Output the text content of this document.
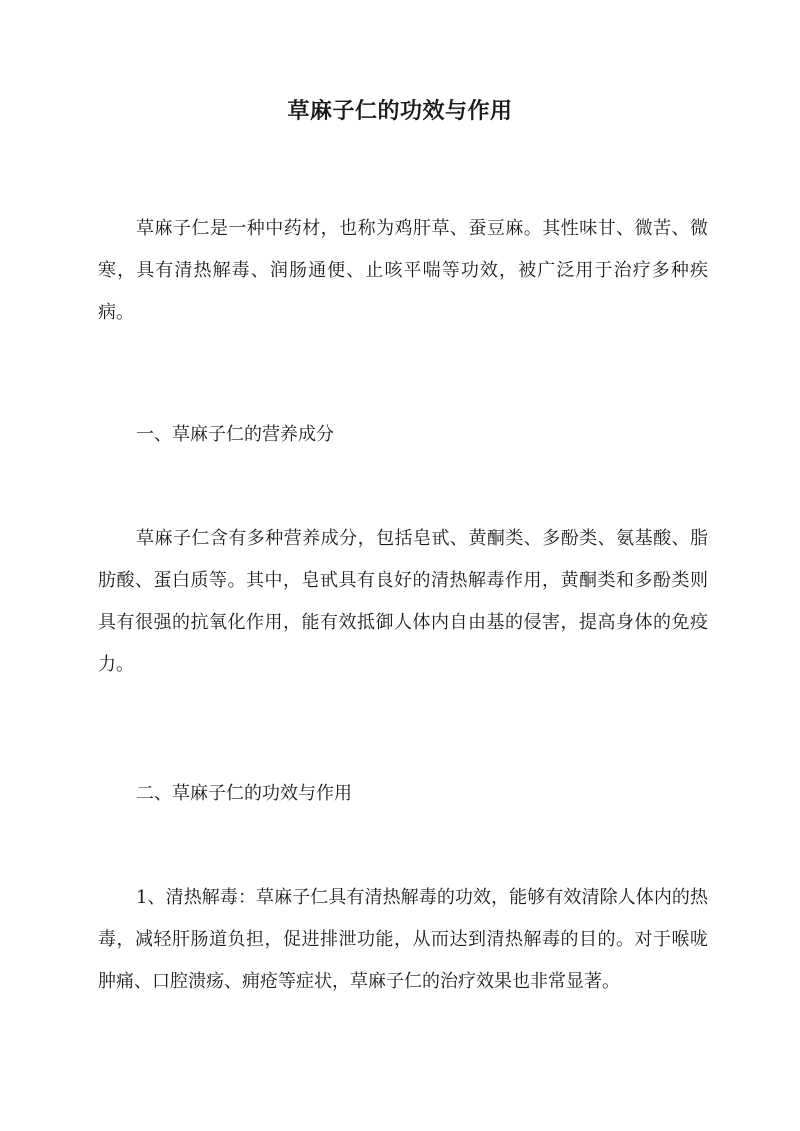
草麻子仁的功效与作用

草麻子仁是一种中药材，也称为鸡肝草、蚕豆麻。其性味甘、微苦、微寒，具有清热解毒、润肠通便、止咳平喘等功效，被广泛用于治疗多种疾病。

一、草麻子仁的营养成分

草麻子仁含有多种营养成分，包括皂甙、黄酮类、多酚类、氨基酸、脂肪酸、蛋白质等。其中，皂甙具有良好的清热解毒作用，黄酮类和多酚类则具有很强的抗氧化作用，能有效抵御人体内自由基的侵害，提高身体的免疫力。

二、草麻子仁的功效与作用

1、清热解毒：草麻子仁具有清热解毒的功效，能够有效清除人体内的热毒，减轻肝肠道负担，促进排泄功能，从而达到清热解毒的目的。对于喉咙肿痛、口腔溃疡、痈疮等症状，草麻子仁的治疗效果也非常显著。
